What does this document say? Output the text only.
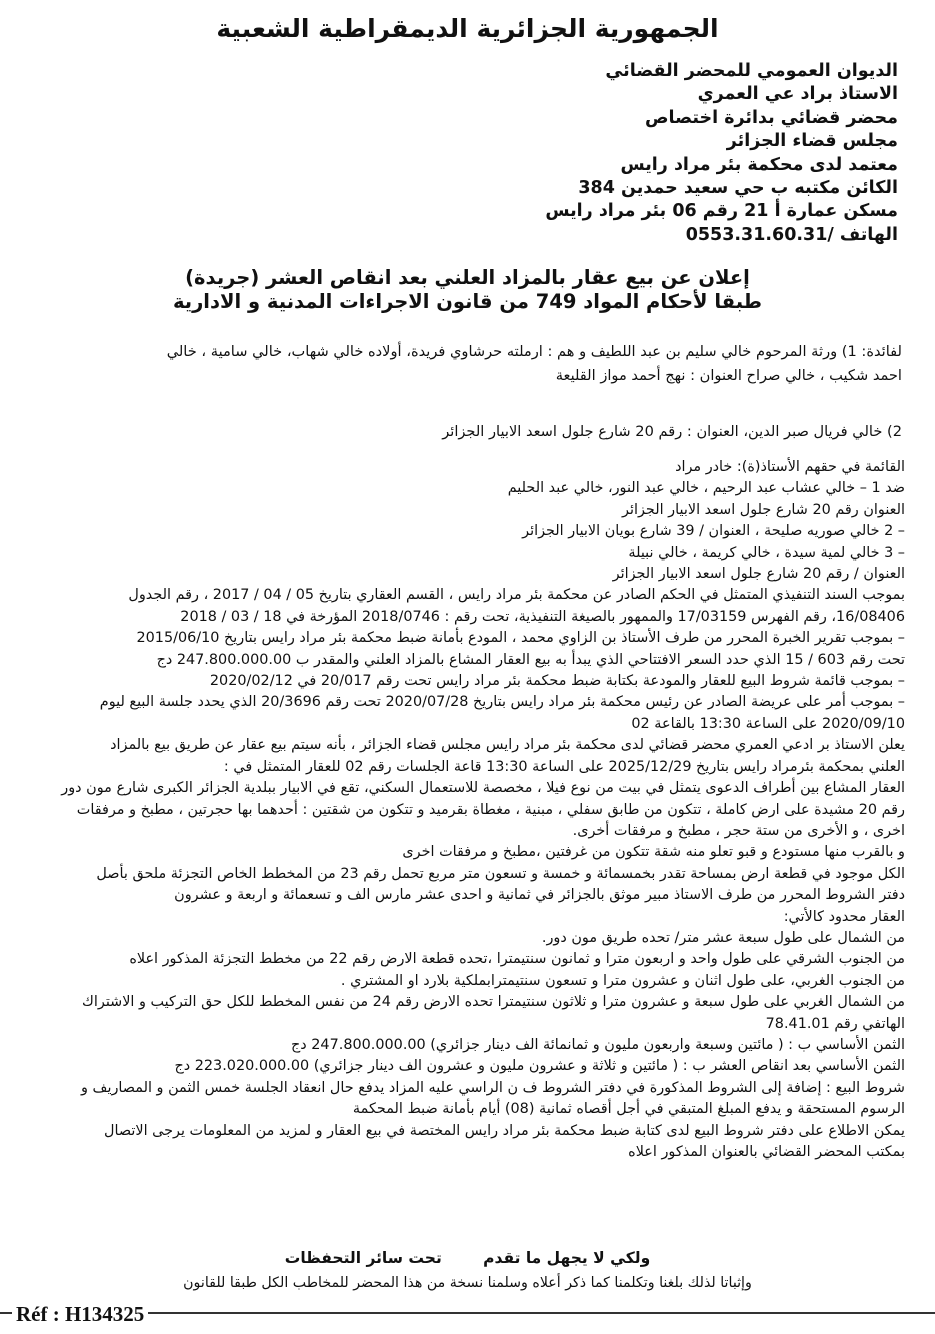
الجمهورية الجزائرية الديمقراطية الشعبية
الديوان العمومي للمحضر القضائي
الاستاذ براد عي العمري
محضر قضائي بدائرة اختصاص
مجلس قضاء الجزائر
معتمد لدى محكمة بئر مراد رايس
الكائن مكتبه ب حي سعيد حمدين 384
مسكن عمارة أ 21 رقم 06 بئر مراد رايس
الهاتف /0553.31.60.31
إعلان عن بيع عقار بالمزاد العلني بعد انقاص العشر (جريدة)
طبقا لأحكام المواد 749 من قانون الاجراءات المدنية و الادارية

لفائدة: 1) ورثة المرحوم خالي سليم بن عبد اللطيف و هم : ارملته حرشاوي فريدة، أولاده خالي شهاب، خالي سامية ، خالي

احمد شكيب ، خالي صراح العنوان : نهج أحمد مواز القليعة

2) خالي فريال صبر الدين، العنوان : رقم 20 شارع جلول اسعد الابيار الجزائر

القائمة في حقهم الأستاذ(ة): خادر مراد

ضد 1 – خالي عشاب عبد الرحيم ، خالي عبد النور، خالي عبد الحليم

العنوان رقم 20 شارع جلول اسعد الابيار الجزائر

– 2 خالي صوريه صليحة ، العنوان / 39 شارع بويان الابيار الجزائر

– 3 خالي لمية سيدة ، خالي كريمة ، خالي نبيلة

العنوان / رقم 20 شارع جلول اسعد الابيار الجزائر

بموجب السند التنفيذي المتمثل في الحكم الصادر عن محكمة بئر مراد رايس ، القسم العقاري بتاريخ 05 / 04 / 2017 ، رقم الجدول

16/08406، رقم الفهرس 17/03159 والممهور بالصيغة التنفيذية، تحت رقم : 2018/0746 المؤرخة في 18 / 03 / 2018

– بموجب تقرير الخبرة المحرر من طرف الأستاذ بن الزاوي محمد ، المودع بأمانة ضبط محكمة بئر مراد رايس بتاريخ 2015/06/10

تحت رقم 603 / 15 الذي حدد السعر الافتتاحي الذي يبدأ به بيع العقار المشاع بالمزاد العلني والمقدر ب 247.800.000.00 دج

– بموجب قائمة شروط البيع للعقار والمودعة بكتابة ضبط محكمة بئر مراد رايس تحت رقم 20/017 في 2020/02/12

– بموجب أمر على عريضة الصادر عن رئيس محكمة بئر مراد رايس بتاريخ 2020/07/28 تحت رقم 20/3696 الذي يحدد جلسة البيع ليوم

2020/09/10 على الساعة 13:30 بالقاعة 02

يعلن الاستاذ بر ادعي العمري محضر قضائي لدى محكمة بئر مراد رايس مجلس قضاء الجزائر ، بأنه سيتم بيع عقار عن طريق بيع بالمزاد

العلني بمحكمة بئرمراد رايس بتاريخ 2025/12/29 على الساعة 13:30 قاعة الجلسات رقم 02 للعقار المتمثل في :

العقار المشاع بين أطراف الدعوى يتمثل في بيت من نوع فيلا ، مخصصة للاستعمال السكني، تقع في الابيار ببلدية الجزائر الكبرى شارع مون دور

رقم 20 مشيدة على ارض كاملة ، تتكون من طابق سفلي ، مبنية ، مغطاة بقرميد و تتكون من شقتين : أحدهما بها حجرتين ، مطبخ و مرفقات

اخرى ، و الأخرى من ستة حجر ، مطبخ و مرفقات أخرى.

و بالقرب منها مستودع و قبو تعلو منه شقة تتكون من غرفتين ،مطبخ و مرفقات اخرى

الكل موجود في قطعة ارض بمساحة تقدر بخمسمائة و خمسة و تسعون متر مربع تحمل رقم 23 من المخطط الخاص التجزئة ملحق بأصل

دفتر الشروط المحرر من طرف الاستاذ مبير موثق بالجزائر في ثمانية و احدى عشر مارس الف و تسعمائة و اربعة و عشرون

العقار محدود كالأتي:

من الشمال على طول سبعة عشر متر/ تحده طريق مون دور.

من الجنوب الشرقي على طول واحد و اربعون مترا و ثمانون سنتيمترا ،تحده قطعة الارض رقم 22 من مخطط التجزئة المذكور اعلاه

من الجنوب الغربي، على طول اثنان و عشرون مترا و تسعون سنتيمترابملكية بلارد او المشتري .

من الشمال الغربي على طول سبعة و عشرون مترا و ثلاثون سنتيمترا تحده الارض رقم 24 من نفس المخطط للكل حق التركيب و الاشتراك

الهاتفي رقم 78.41.01

الثمن الأساسي ب : ( مائتين وسبعة واربعون مليون و ثمانمائة الف دينار جزائري) 247.800.000.00 دج

الثمن الأساسي بعد انقاص العشر ب : ( مائتين و ثلاثة و عشرون مليون و عشرون الف دينار جزائري) 223.020.000.00 دج

شروط البيع : إضافة إلى الشروط المذكورة في دفتر الشروط ف ن الراسي عليه المزاد يدفع حال انعقاد الجلسة خمس الثمن و المصاريف و

الرسوم المستحقة و يدفع المبلغ المتبقي في أجل أقصاه ثمانية (08) أيام بأمانة ضبط المحكمة

يمكن الاطلاع على دفتر شروط البيع لدى كتابة ضبط محكمة بئر مراد رايس المختصة في بيع العقار و لمزيد من المعلومات يرجى الاتصال

بمكتب المحضر القضائي بالعنوان المذكور اعلاه

ولكي لا يجهل ما تقدم تحت سائر التحفظات
وإثباتا لذلك بلغنا وتكلمنا كما ذكر أعلاه وسلمنا نسخة من هذا المحضر للمخاطب الكل طبقا للقانون
Réf : H134325
